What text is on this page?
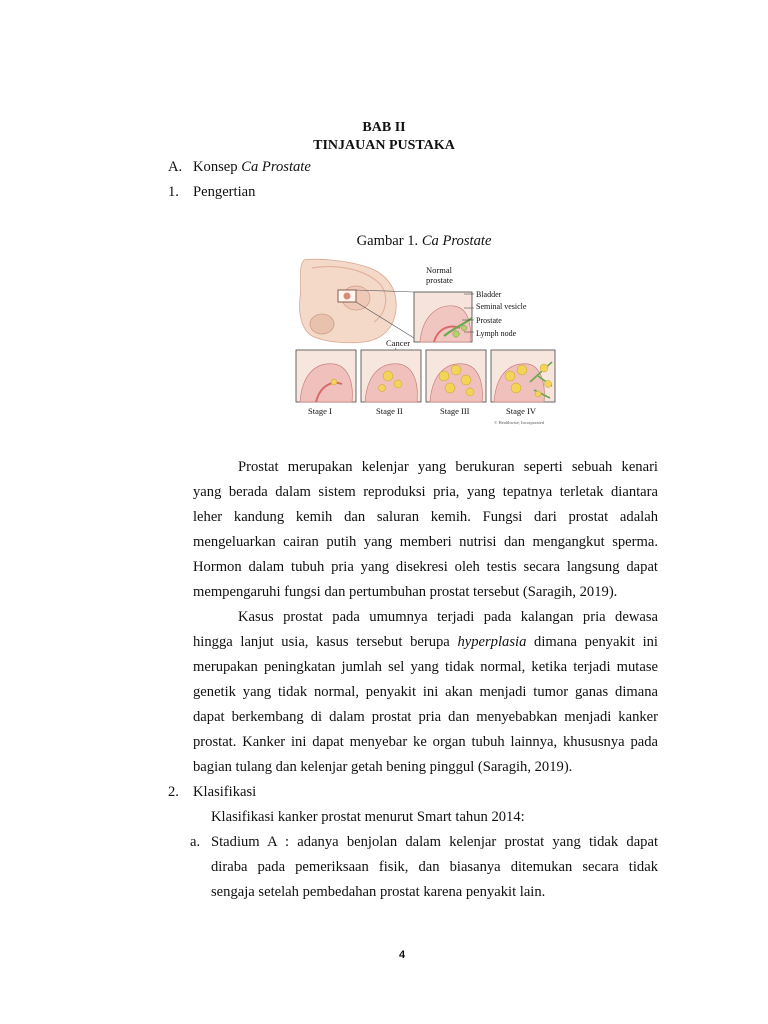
BAB II
TINJAUAN PUSTAKA
A. Konsep Ca Prostate
1. Pengertian
Gambar 1. Ca Prostate
Normal
prostate
Bladder
Seminal vesicle
Prostate
Lymph node
Cancer
Stage I	Stage II	Stage III	Stage IV
© Healthwise, Incorporated
Prostat merupakan kelenjar yang berukuran seperti sebuah kenari
yang berada dalam sistem reproduksi pria, yang tepatnya terletak diantara
leher kandung kemih dan saluran kemih. Fungsi dari prostat adalah
mengeluarkan cairan putih yang memberi nutrisi dan mengangkut sperma.
Hormon dalam tubuh pria yang disekresi oleh testis secara langsung dapat
mempengaruhi fungsi dan pertumbuhan prostat tersebut (Saragih, 2019).
Kasus prostat pada umumnya terjadi pada kalangan pria dewasa
hingga lanjut usia, kasus tersebut berupa hyperplasia dimana penyakit ini
merupakan peningkatan jumlah sel yang tidak normal, ketika terjadi mutase
genetik yang tidak normal, penyakit ini akan menjadi tumor ganas dimana
dapat berkembang di dalam prostat pria dan menyebabkan menjadi kanker
prostat. Kanker ini dapat menyebar ke organ tubuh lainnya, khususnya pada
bagian tulang dan kelenjar getah bening pinggul (Saragih, 2019).
2. Klasifikasi
Klasifikasi kanker prostat menurut Smart tahun 2014:
a. Stadium A : adanya benjolan dalam kelenjar prostat yang tidak dapat
diraba pada pemeriksaan fisik, dan biasanya ditemukan secara tidak
sengaja setelah pembedahan prostat karena penyakit lain.
4
